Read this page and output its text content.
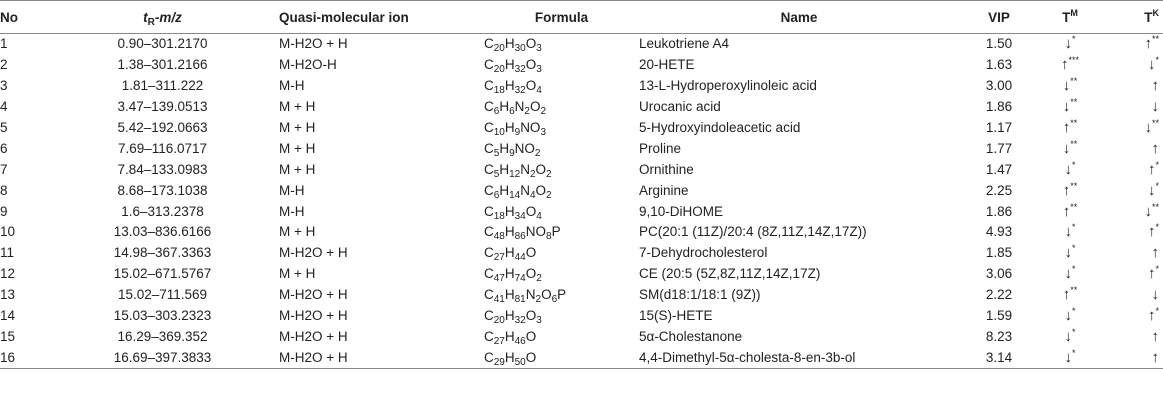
No	$t_R-m/z$	Quasi-molecular ion	Formula	Name	VIP	$T^M$	$T^K$
1	0.90–301.2170	M-H2O + H	$C_{20}H_{30}O_3$	Leukotriene A4	1.50	↓*	↑**
2	1.38–301.2166	M-H2O-H	$C_{20}H_{32}O_3$	20-HETE	1.63	↑***	↓*
3	1.81–311.222	M-H	$C_{18}H_{32}O_4$	13-L-Hydroperoxylinoleic acid	3.00	↓**	↑
4	3.47–139.0513	M + H	$C_6H_6N_2O_2$	Urocanic acid	1.86	↓**	↓
5	5.42–192.0663	M + H	$C_{10}H_9NO_3$	5-Hydroxyindoleacetic acid	1.17	↑**	↓**
6	7.69–116.0717	M + H	$C_5H_9NO_2$	Proline	1.77	↓**	↑
7	7.84–133.0983	M + H	$C_5H_{12}N_2O_2$	Ornithine	1.47	↓*	↑*
8	8.68–173.1038	M-H	$C_6H_{14}N_4O_2$	Arginine	2.25	↑**	↓*
9	1.6–313.2378	M-H	$C_{18}H_{34}O_4$	9,10-DiHOME	1.86	↑**	↓**
10	13.03–836.6166	M + H	$C_{48}H_{86}NO_8P$	PC(20:1 (11Z)/20:4 (8Z,11Z,14Z,17Z))	4.93	↓*	↑*
11	14.98–367.3363	M-H2O + H	$C_{27}H_{44}O$	7-Dehydrocholesterol	1.85	↓*	↑
12	15.02–671.5767	M + H	$C_{47}H_{74}O_2$	CE (20:5 (5Z,8Z,11Z,14Z,17Z)	3.06	↓*	↑*
13	15.02–711.569	M-H2O + H	$C_{41}H_{81}N_2O_6P$	SM(d18:1/18:1 (9Z))	2.22	↑**	↓
14	15.03–303.2323	M-H2O + H	$C_{20}H_{32}O_3$	15(S)-HETE	1.59	↓*	↑*
15	16.29–369.352	M-H2O + H	$C_{27}H_{46}O$	5α-Cholestanone	8.23	↓*	↑
16	16.69–397.3833	M-H2O + H	$C_{29}H_{50}O$	4,4-Dimethyl-5α-cholesta-8-en-3b-ol	3.14	↓*	↑
